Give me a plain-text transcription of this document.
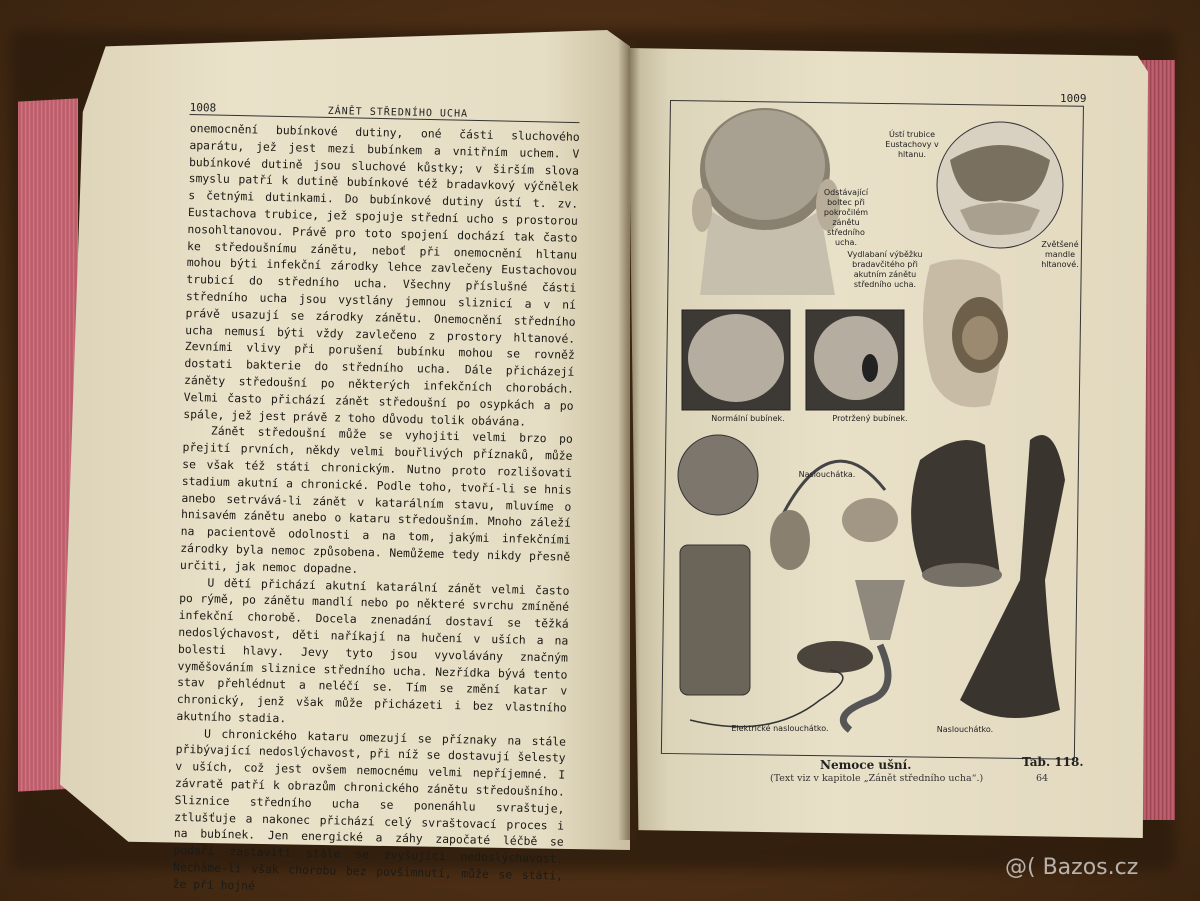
1008	ZÁNĚT STŘEDNÍHO UCHA

onemocnění bubínkové dutiny, oné části sluchového aparátu, jež jest mezi bubínkem a vnitřním uchem. V bubínkové dutině jsou sluchové kůstky; v širším slova smyslu patří k dutině bubínkové též bradavkový výčnělek s četnými dutinkami. Do bubínkové dutiny ústí t. zv. Eustachova trubice, jež spojuje střední ucho s prostorou nosohltanovou. Právě pro toto spojení dochází tak často ke středoušnímu zánětu, neboť při onemocnění hltanu mohou býti infekční zárodky lehce zavlečeny Eustachovou trubicí do středního ucha. Všechny příslušné části středního ucha jsou vystlány jemnou sliznicí a v ní právě usazují se zárodky zánětu. Onemocnění středního ucha nemusí býti vždy zavlečeno z prostory hltanové. Zevními vlivy při porušení bubínku mohou se rovněž dostati bakterie do středního ucha. Dále přicházejí záněty středoušní po některých infekčních chorobách. Velmi často přichází zánět středoušní po osypkách a po spále, jež jest právě z toho důvodu tolik obávána.

Zánět středoušní může se vyhojiti velmi brzo po přejití prvních, někdy velmi bouřlivých příznaků, může se však též státi chronickým. Nutno proto rozlišovati stadium akutní a chronické. Podle toho, tvoří-li se hnis anebo setrvává-li zánět v katarálním stavu, mluvíme o hnisavém zánětu anebo o kataru středoušním. Mnoho záleží na pacientově odolnosti a na tom, jakými infekčními zárodky byla nemoc způsobena. Nemůžeme tedy nikdy přesně určiti, jak nemoc dopadne.

U dětí přichází akutní katarální zánět velmi často po rýmě, po zánětu mandlí nebo po některé svrchu zmíněné infekční chorobě. Docela znenadání dostaví se těžká nedoslýchavost, děti naříkají na hučení v uších a na bolesti hlavy. Jevy tyto jsou vyvolávány značným vyměšováním sliznice středního ucha. Nezřídka bývá tento stav přehlédnut a neléčí se. Tím se změní katar v chronický, jenž však může přicházeti i bez vlastního akutního stadia.

U chronického kataru omezují se příznaky na stále přibývající nedoslýchavost, při níž se dostavují šelesty v uších, což jest ovšem nemocnému velmi nepříjemné. I závratě patří k obrazům chronického zánětu středoušního. Sliznice středního ucha se ponenáhlu svraštuje, ztlušťuje a nakonec přichází celý svraštovací proces i na bubínek. Jen energické a záhy započaté léčbě se podaří zastaviti stále se zvyšující nedoslýchavost. Necháme-li však chorobu bez povšimnutí, může se státi, že při hojné

1009
Ústí trubice Eustachovy v hltanu.
Odstávající boltec při pokročilém zánětu středního ucha.	Zvětšené mandle hltanové.
Vydlabaní výběžku bradavčitého při akutním zánětu středního ucha.
Normální bubínek.	Protržený bubínek.
Naslouchátka.
Elektrické naslouchátko.	Naslouchátko.
Nemoce ušní.	Tab. 118.
(Text viz v kapitole „Zánět středního ucha“.)	64
@( Bazos.cz
